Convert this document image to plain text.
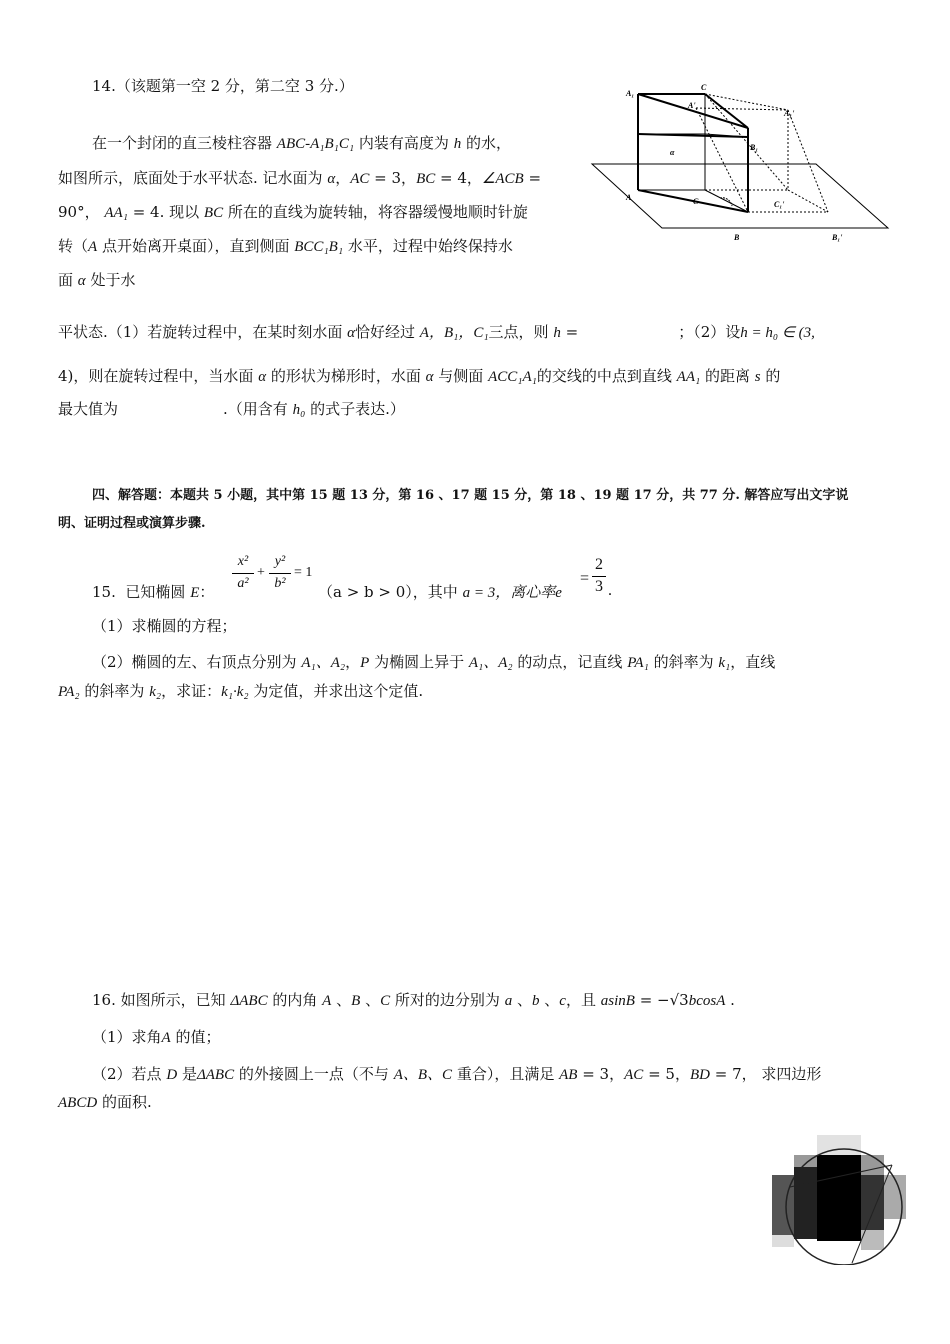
14.（该题第一空 2 分，第二空 3 分.）
在一个封闭的直三棱柱容器 ABC-A₁B₁C₁ 内装有高度为 h 的水，
如图所示，底面处于水平状态. 记水面为 α，AC = 3，BC = 4，∠ACB =
90°， AA₁ = 4. 现以 BC 所在的直线为旋转轴，将容器缓慢地顺时针旋
转（A 点开始离开桌面），直到侧面 BCC₁B₁ 水平，过程中始终保持水
面 α 处于水
A₁
C
A'
A₁'
α
B₁
A	C	C₁'
B	B₁'
平状态.（1）若旋转过程中，在某时刻水面 α恰好经过 A，B₁，C₁三点，则 h =	；（2）设h = h₀ ∈ (3,
4)，则在旋转过程中，当水面 α 的形状为梯形时，水面 α 与侧面 ACC₁A₁的交线的中点到直线 AA₁ 的距离 s 的
最大值为	.（用含有 h₀ 的式子表达.）
四、解答题：本题共 5 小题，其中第 15 题 13 分，第 16 、17 题 15 分，第 18 、19 题 17 分，共 77 分. 解答应写出文字说
明、证明过程或演算步骤.
15. 已知椭圆 E：
x²
a²
+
y²
b²
= 1
（a > b > 0），其中 a = 3，离心率e
=
2
3 .
（1）求椭圆的方程；
（2）椭圆的左、右顶点分别为 A₁、A₂，P 为椭圆上异于 A₁、A₂ 的动点，记直线 PA₁ 的斜率为 k₁，直线
PA₂ 的斜率为 k₂，求证：k₁·k₂ 为定值，并求出这个定值.
16. 如图所示，已知 ΔABC 的内角 A 、B 、C 所对的边分别为 a 、b 、c，且 asinB = −√3bcosA .
（1）求角A 的值；
（2）若点 D 是ΔABC 的外接圆上一点（不与 A、B、C 重合），且满足 AB = 3，AC = 5，BD = 7， 求四边形
ABCD 的面积.
